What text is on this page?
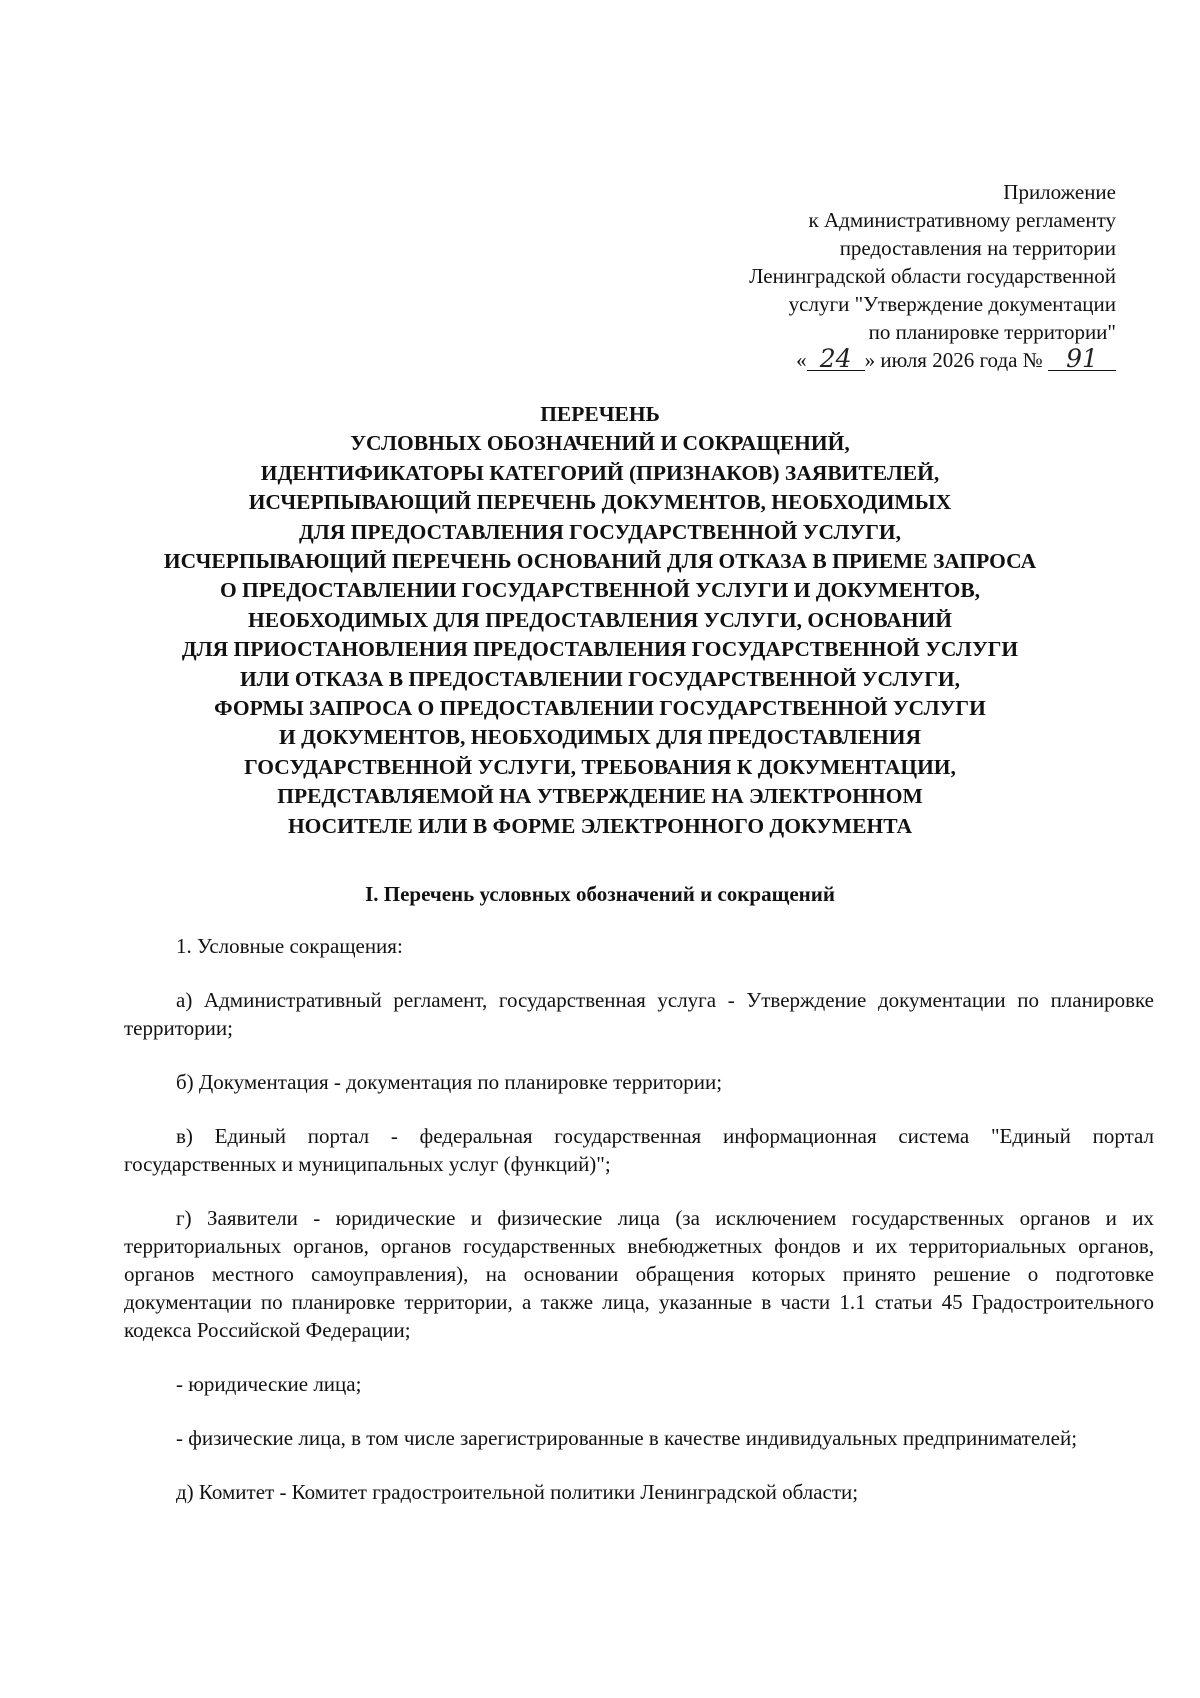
Приложение
к Административному регламенту
предоставления на территории
Ленинградской области государственной
услуги "Утверждение документации
по планировке территории"
« 24 » июля 2026 года № 91
ПЕРЕЧЕНЬ
УСЛОВНЫХ ОБОЗНАЧЕНИЙ И СОКРАЩЕНИЙ,
ИДЕНТИФИКАТОРЫ КАТЕГОРИЙ (ПРИЗНАКОВ) ЗАЯВИТЕЛЕЙ,
ИСЧЕРПЫВАЮЩИЙ ПЕРЕЧЕНЬ ДОКУМЕНТОВ, НЕОБХОДИМЫХ
ДЛЯ ПРЕДОСТАВЛЕНИЯ ГОСУДАРСТВЕННОЙ УСЛУГИ,
ИСЧЕРПЫВАЮЩИЙ ПЕРЕЧЕНЬ ОСНОВАНИЙ ДЛЯ ОТКАЗА В ПРИЕМЕ ЗАПРОСА
О ПРЕДОСТАВЛЕНИИ ГОСУДАРСТВЕННОЙ УСЛУГИ И ДОКУМЕНТОВ,
НЕОБХОДИМЫХ ДЛЯ ПРЕДОСТАВЛЕНИЯ УСЛУГИ, ОСНОВАНИЙ
ДЛЯ ПРИОСТАНОВЛЕНИЯ ПРЕДОСТАВЛЕНИЯ ГОСУДАРСТВЕННОЙ УСЛУГИ
ИЛИ ОТКАЗА В ПРЕДОСТАВЛЕНИИ ГОСУДАРСТВЕННОЙ УСЛУГИ,
ФОРМЫ ЗАПРОСА О ПРЕДОСТАВЛЕНИИ ГОСУДАРСТВЕННОЙ УСЛУГИ
И ДОКУМЕНТОВ, НЕОБХОДИМЫХ ДЛЯ ПРЕДОСТАВЛЕНИЯ
ГОСУДАРСТВЕННОЙ УСЛУГИ, ТРЕБОВАНИЯ К ДОКУМЕНТАЦИИ,
ПРЕДСТАВЛЯЕМОЙ НА УТВЕРЖДЕНИЕ НА ЭЛЕКТРОННОМ
НОСИТЕЛЕ ИЛИ В ФОРМЕ ЭЛЕКТРОННОГО ДОКУМЕНТА
I. Перечень условных обозначений и сокращений

1. Условные сокращения:

а) Административный регламент, государственная услуга - Утверждение документации по планировке территории;

б) Документация - документация по планировке территории;

в) Единый портал - федеральная государственная информационная система "Единый портал государственных и муниципальных услуг (функций)";

г) Заявители - юридические и физические лица (за исключением государственных органов и их территориальных органов, органов государственных внебюджетных фондов и их территориальных органов, органов местного самоуправления), на основании обращения которых принято решение о подготовке документации по планировке территории, а также лица, указанные в части 1.1 статьи 45 Градостроительного кодекса Российской Федерации;

- юридические лица;

- физические лица, в том числе зарегистрированные в качестве индивидуальных предпринимателей;

д) Комитет - Комитет градостроительной политики Ленинградской области;
